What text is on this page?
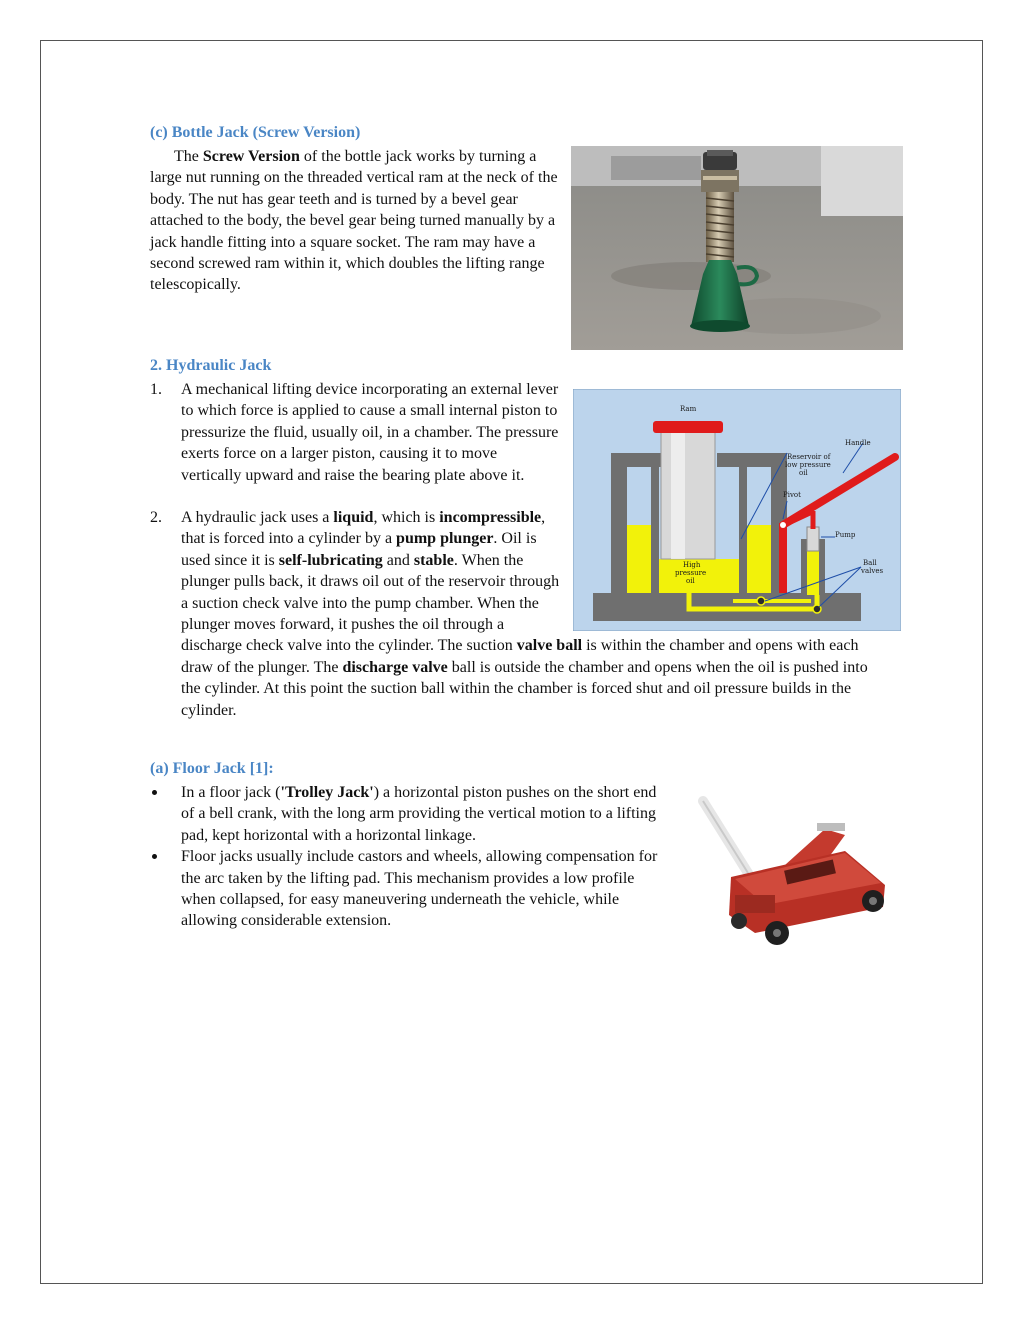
(c) Bottle Jack (Screw Version)

The Screw Version of the bottle jack works by turning a large nut running on the threaded vertical ram at the neck of the body. The nut has gear teeth and is turned by a bevel gear attached to the body, the bevel gear being turned manually by a jack handle fitting into a square socket. The ram may have a second screwed ram within it, which doubles the lifting range telescopically.

2. Hydraulic Jack
1. A mechanical lifting device incorporating an external lever to which force is applied to cause a small internal piston to pressurize the fluid, usually oil, in a chamber. The pressure exerts force on a larger piston, causing it to move vertically upward and raise the bearing plate above it.
2. A hydraulic jack uses a liquid, which is incompressible, that is forced into a cylinder by a pump plunger. Oil is used since it is self-lubricating and stable. When the plunger pulls back, it draws oil out of the reservoir through a suction check valve into the pump chamber. When the plunger moves forward, it pushes the oil through a discharge check valve into the cylinder. The suction valve ball is within the chamber and opens with each draw of the plunger. The discharge valve ball is outside the chamber and opens when the oil is pushed into the cylinder. At this point the suction ball within the chamber is forced shut and oil pressure builds in the cylinder.
Ram
Handle
Reservoir of
low pressure
oil
Pivot
Pump
Ball
valves
High
pressure
oil
(a) Floor Jack [1]:
In a floor jack ('Trolley Jack') a horizontal piston pushes on the short end of a bell crank, with the long arm providing the vertical motion to a lifting pad, kept horizontal with a horizontal linkage.
Floor jacks usually include castors and wheels, allowing compensation for the arc taken by the lifting pad. This mechanism provides a low profile when collapsed, for easy maneuvering underneath the vehicle, while allowing considerable extension.
